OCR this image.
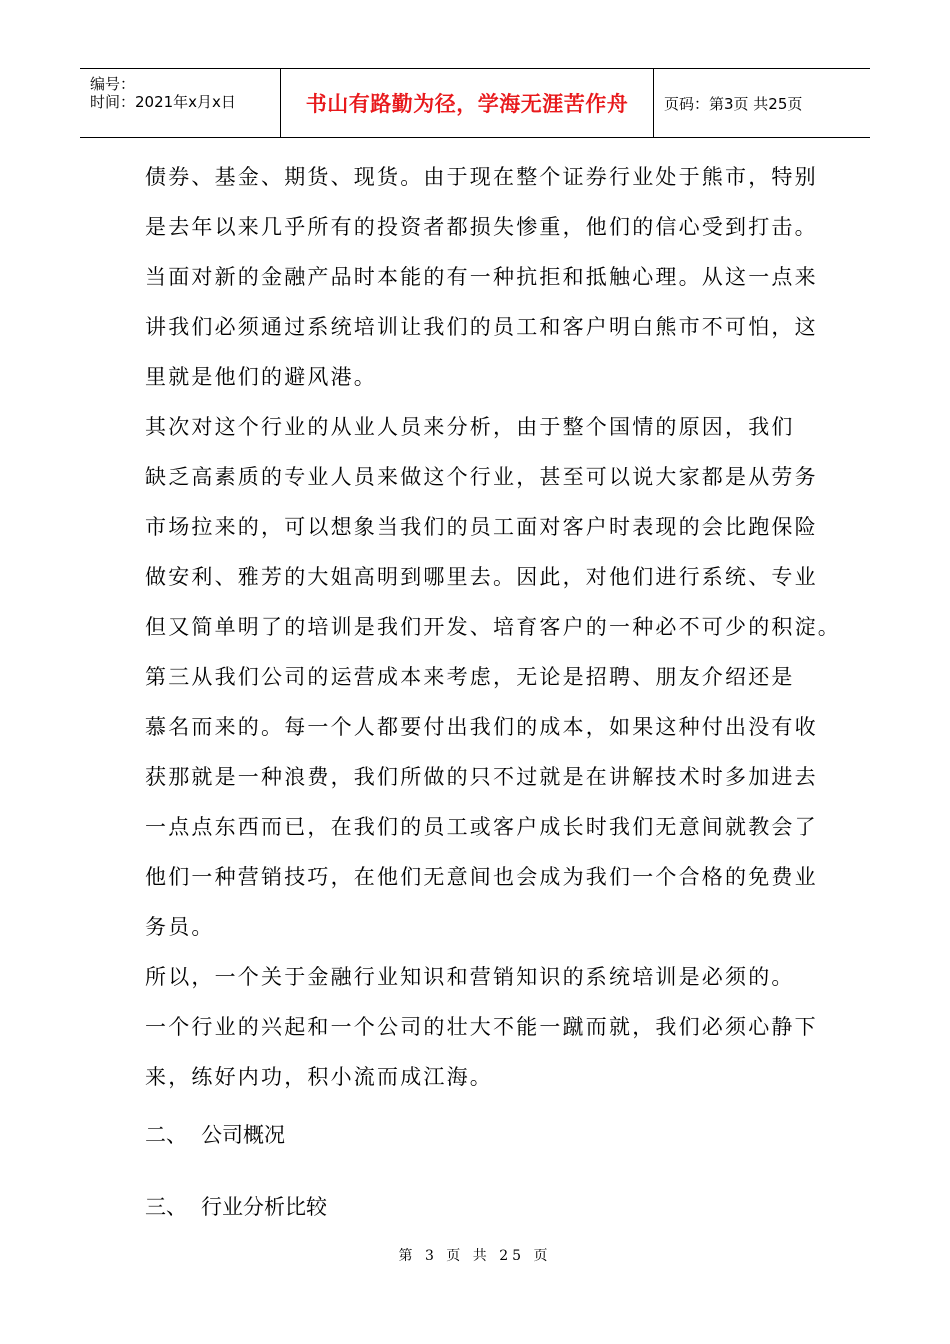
编号：
时间：2021年x月x日	书山有路勤为径，学海无涯苦作舟	页码：第3页 共25页
债券、基金、期货、现货。由于现在整个证券行业处于熊市，特别
是去年以来几乎所有的投资者都损失惨重，他们的信心受到打击。
当面对新的金融产品时本能的有一种抗拒和抵触心理。从这一点来
讲我们必须通过系统培训让我们的员工和客户明白熊市不可怕，这
里就是他们的避风港。
其次对这个行业的从业人员来分析，由于整个国情的原因，我们
缺乏高素质的专业人员来做这个行业，甚至可以说大家都是从劳务
市场拉来的，可以想象当我们的员工面对客户时表现的会比跑保险
做安利、雅芳的大姐高明到哪里去。因此，对他们进行系统、专业
但又简单明了的培训是我们开发、培育客户的一种必不可少的积淀。
第三从我们公司的运营成本来考虑，无论是招聘、朋友介绍还是
慕名而来的。每一个人都要付出我们的成本，如果这种付出没有收
获那就是一种浪费，我们所做的只不过就是在讲解技术时多加进去
一点点东西而已，在我们的员工或客户成长时我们无意间就教会了
他们一种营销技巧，在他们无意间也会成为我们一个合格的免费业
务员。
所以，一个关于金融行业知识和营销知识的系统培训是必须的。
一个行业的兴起和一个公司的壮大不能一蹴而就，我们必须心静下
来，练好内功，积小流而成江海。
二、 公司概况
三、 行业分析比较
第 3 页 共 25 页
